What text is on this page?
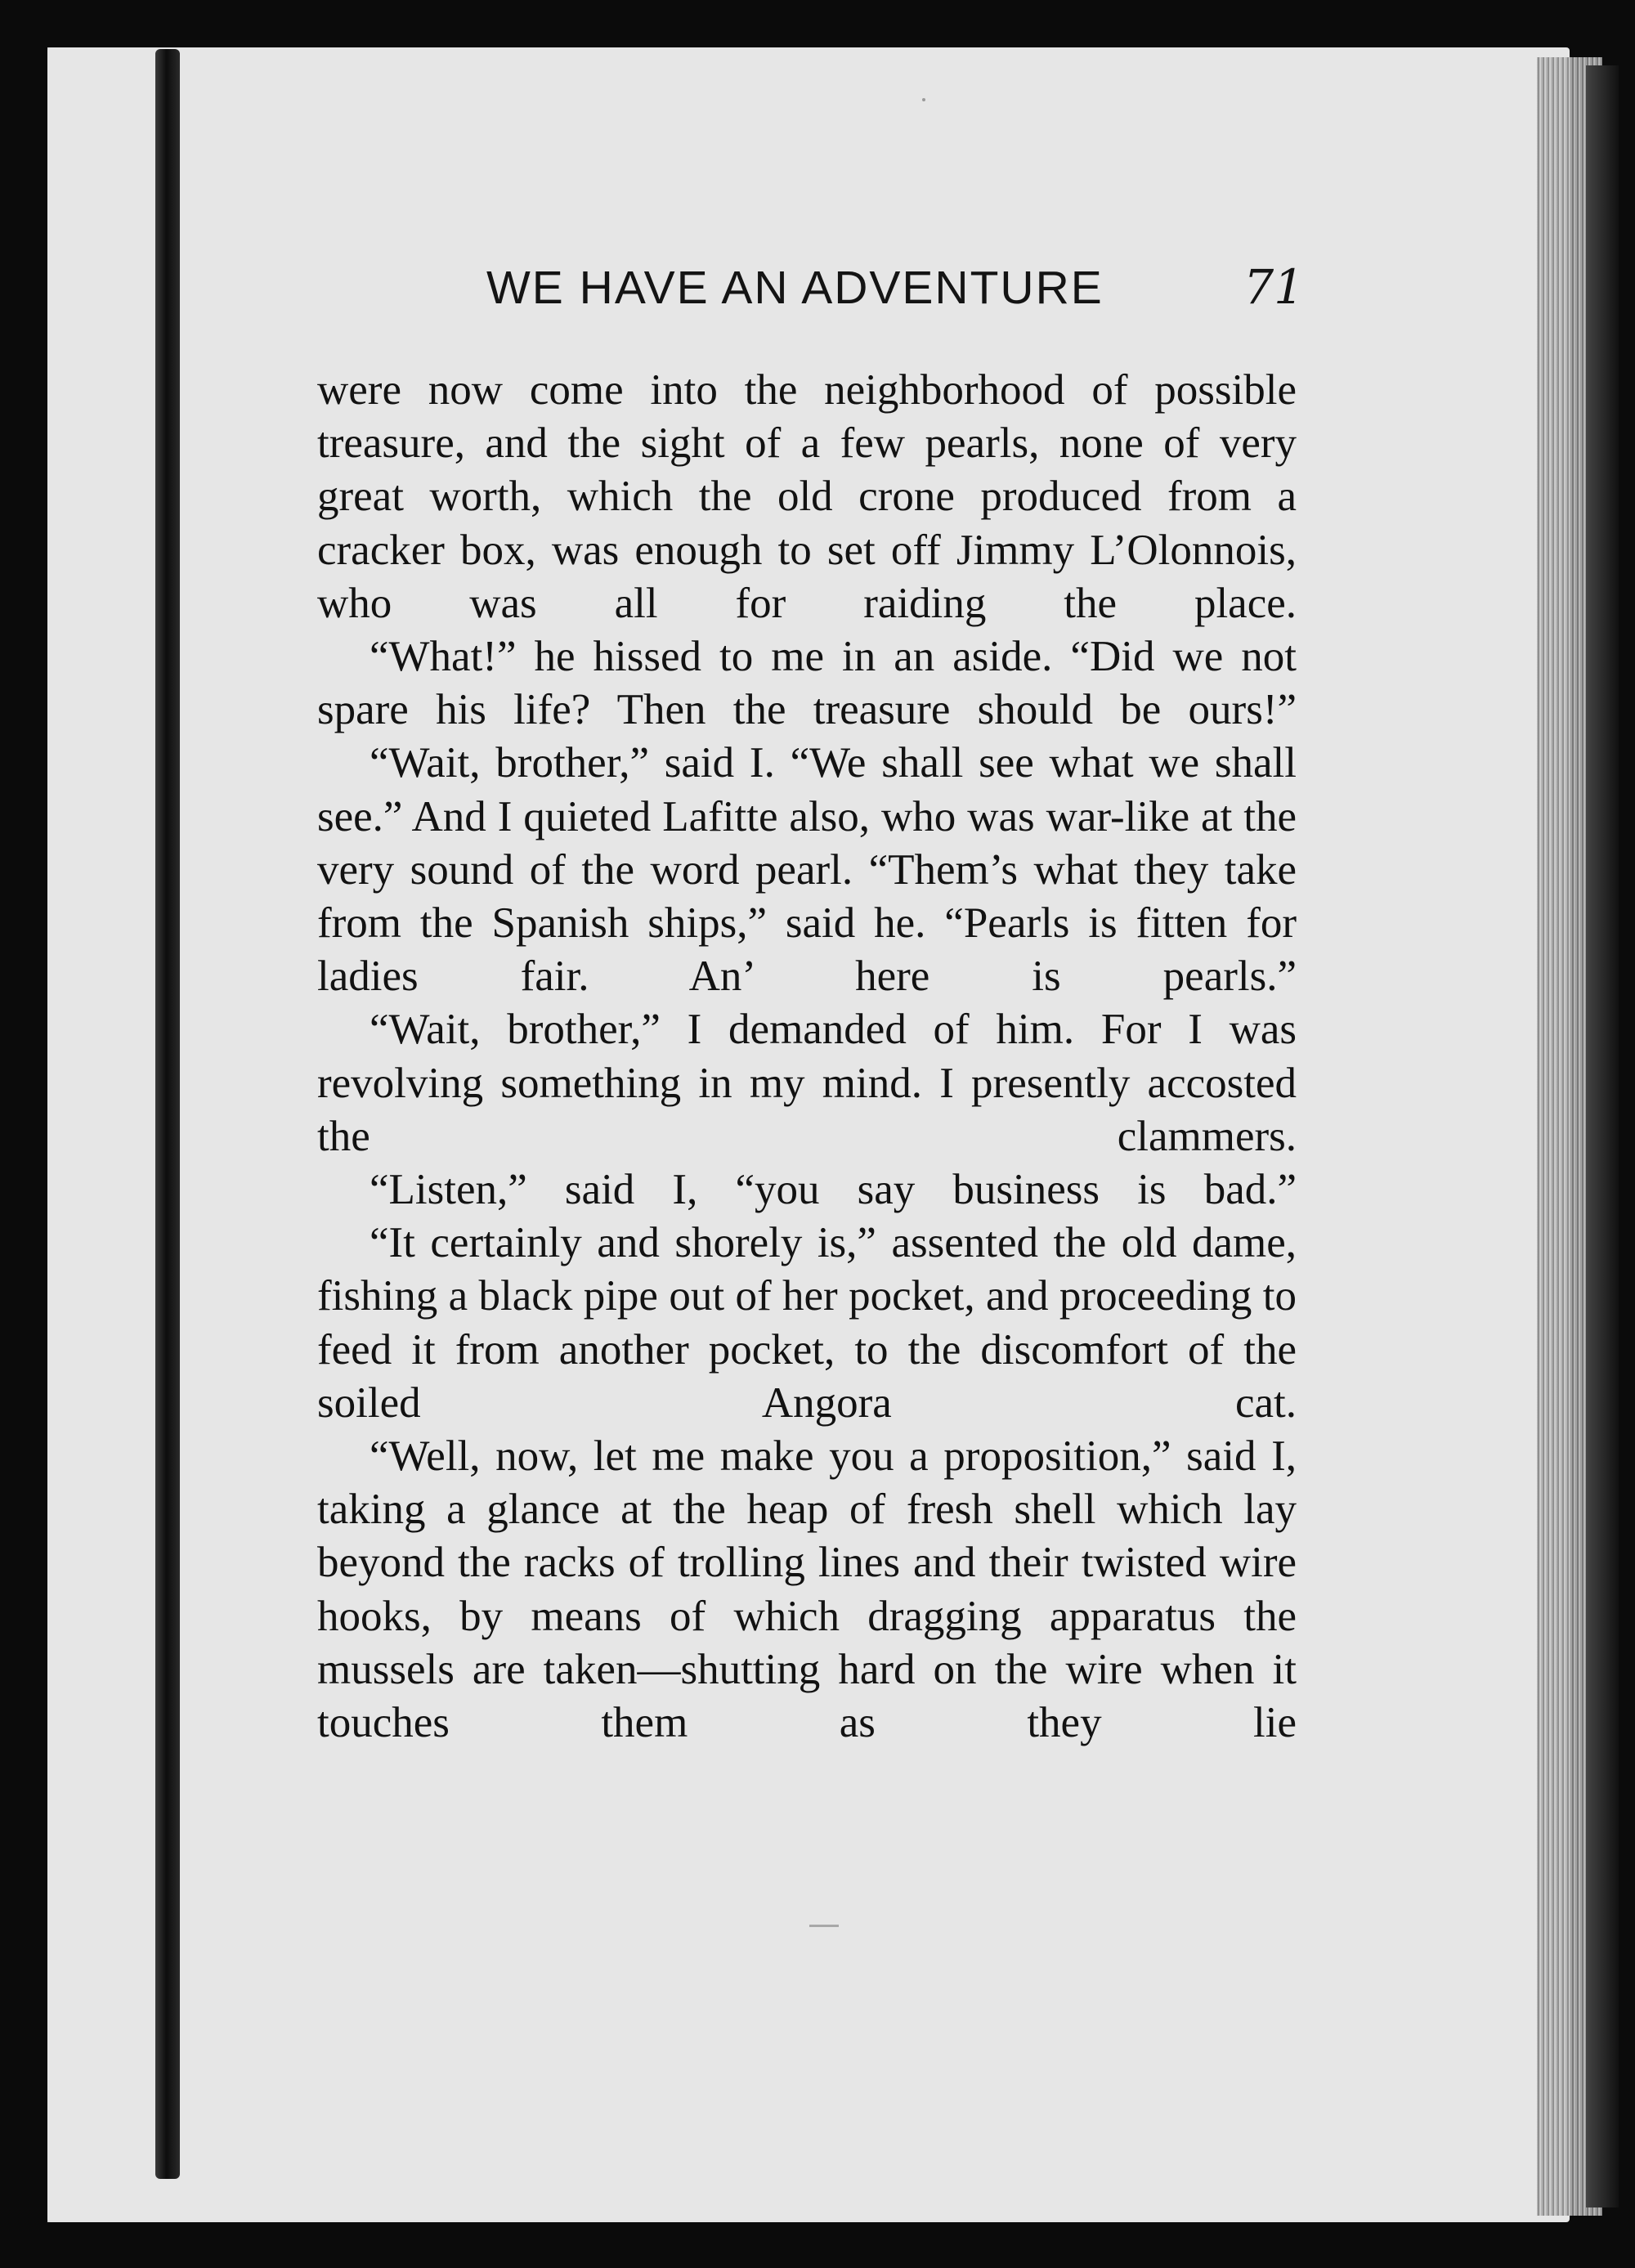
WE HAVE AN ADVENTURE	71

were now come into the neighborhood of possible treasure, and the sight of a few pearls, none of very great worth, which the old crone produced from a cracker box, was enough to set off Jimmy L’Olonnois, who was all for raiding the place.

“What!” he hissed to me in an aside. “Did we not spare his life? Then the treasure should be ours!”

“Wait, brother,” said I. “We shall see what we shall see.” And I quieted Lafitte also, who was war-like at the very sound of the word pearl. “Them’s what they take from the Spanish ships,” said he. “Pearls is fitten for ladies fair. An’ here is pearls.”

“Wait, brother,” I demanded of him. For I was revolving something in my mind. I presently accosted the clammers.

“Listen,” said I, “you say business is bad.”

“It certainly and shorely is,” assented the old dame, fishing a black pipe out of her pocket, and proceeding to feed it from another pocket, to the discomfort of the soiled Angora cat.

“Well, now, let me make you a proposition,” said I, taking a glance at the heap of fresh shell which lay beyond the racks of trolling lines and their twisted wire hooks, by means of which dragging apparatus the mussels are taken—shutting hard on the wire when it touches them as they lie
